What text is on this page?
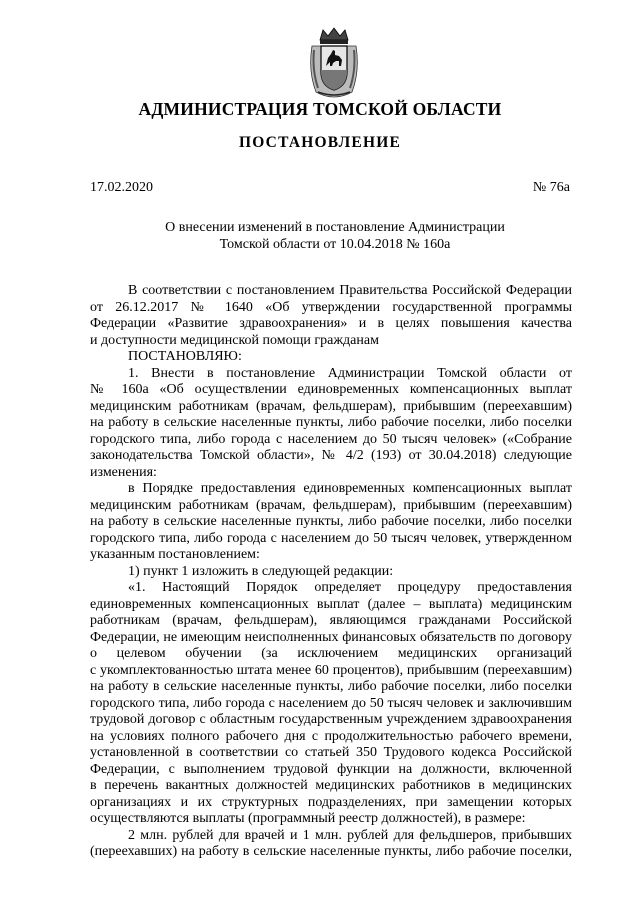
АДМИНИСТРАЦИЯ ТОМСКОЙ ОБЛАСТИ
ПОСТАНОВЛЕНИЕ
17.02.2020	№ 76а
О внесении изменений в постановление Администрации
Томской области от 10.04.2018 № 160а
В соответствии с постановлением Правительства Российской Федерации
от 26.12.2017 № 1640 «Об утверждении государственной программы
Федерации «Развитие здравоохранения» и в целях повышения качества
и доступности медицинской помощи гражданам
ПОСТАНОВЛЯЮ:
1. Внести в постановление Администрации Томской области от
№ 160а «Об осуществлении единовременных компенсационных выплат
медицинским работникам (врачам, фельдшерам), прибывшим (переехавшим)
на работу в сельские населенные пункты, либо рабочие поселки, либо поселки
городского типа, либо города с населением до 50 тысяч человек» («Собрание
законодательства Томской области», № 4/2 (193) от 30.04.2018) следующие
изменения:
в Порядке предоставления единовременных компенсационных выплат
медицинским работникам (врачам, фельдшерам), прибывшим (переехавшим)
на работу в сельские населенные пункты, либо рабочие поселки, либо поселки
городского типа, либо города с населением до 50 тысяч человек, утвержденном
указанным постановлением:
1) пункт 1 изложить в следующей редакции:
«1. Настоящий Порядок определяет процедуру предоставления
единовременных компенсационных выплат (далее – выплата) медицинским
работникам (врачам, фельдшерам), являющимся гражданами Российской
Федерации, не имеющим неисполненных финансовых обязательств по договору
о целевом обучении (за исключением медицинских организаций
с укомплектованностью штата менее 60 процентов), прибывшим (переехавшим)
на работу в сельские населенные пункты, либо рабочие поселки, либо поселки
городского типа, либо города с населением до 50 тысяч человек и заключившим
трудовой договор с областным государственным учреждением здравоохранения
на условиях полного рабочего дня с продолжительностью рабочего времени,
установленной в соответствии со статьей 350 Трудового кодекса Российской
Федерации, с выполнением трудовой функции на должности, включенной
в перечень вакантных должностей медицинских работников в медицинских
организациях и их структурных подразделениях, при замещении которых
осуществляются выплаты (программный реестр должностей), в размере:
2 млн. рублей для врачей и 1 млн. рублей для фельдшеров, прибывших
(переехавших) на работу в сельские населенные пункты, либо рабочие поселки,
